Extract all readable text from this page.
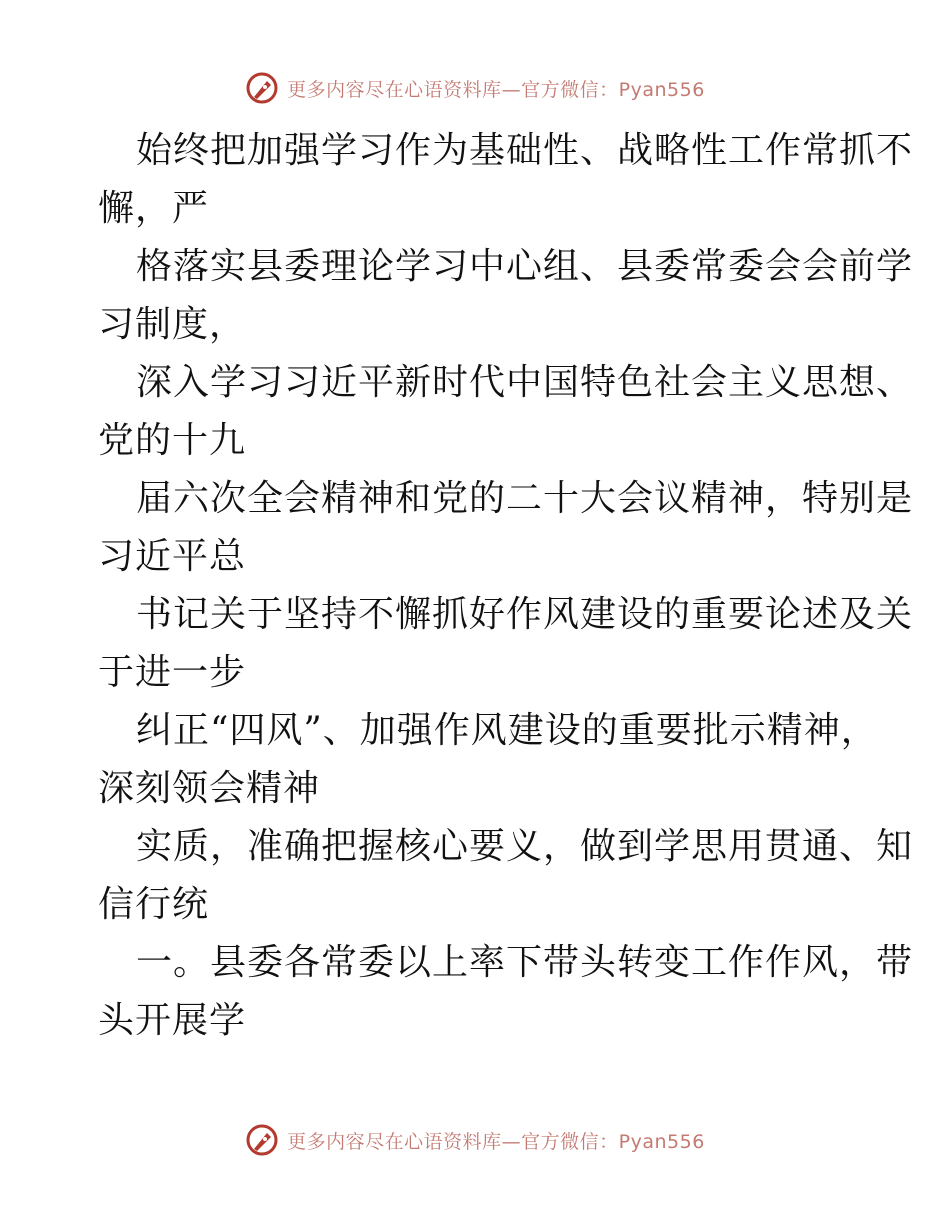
更多内容尽在心语资料库—官方微信：Pyan556

始终把加强学习作为基础性、战略性工作常抓不
懈，严

格落实县委理论学习中心组、县委常委会会前学
习制度，

深入学习习近平新时代中国特色社会主义思想、
党的十九

届六次全会精神和党的二十大会议精神，特别是
习近平总

书记关于坚持不懈抓好作风建设的重要论述及关
于进一步

纠正“四风”、加强作风建设的重要批示精神，
深刻领会精神

实质，准确把握核心要义，做到学思用贯通、知
信行统

一。县委各常委以上率下带头转变工作作风，带
头开展学

更多内容尽在心语资料库—官方微信：Pyan556
